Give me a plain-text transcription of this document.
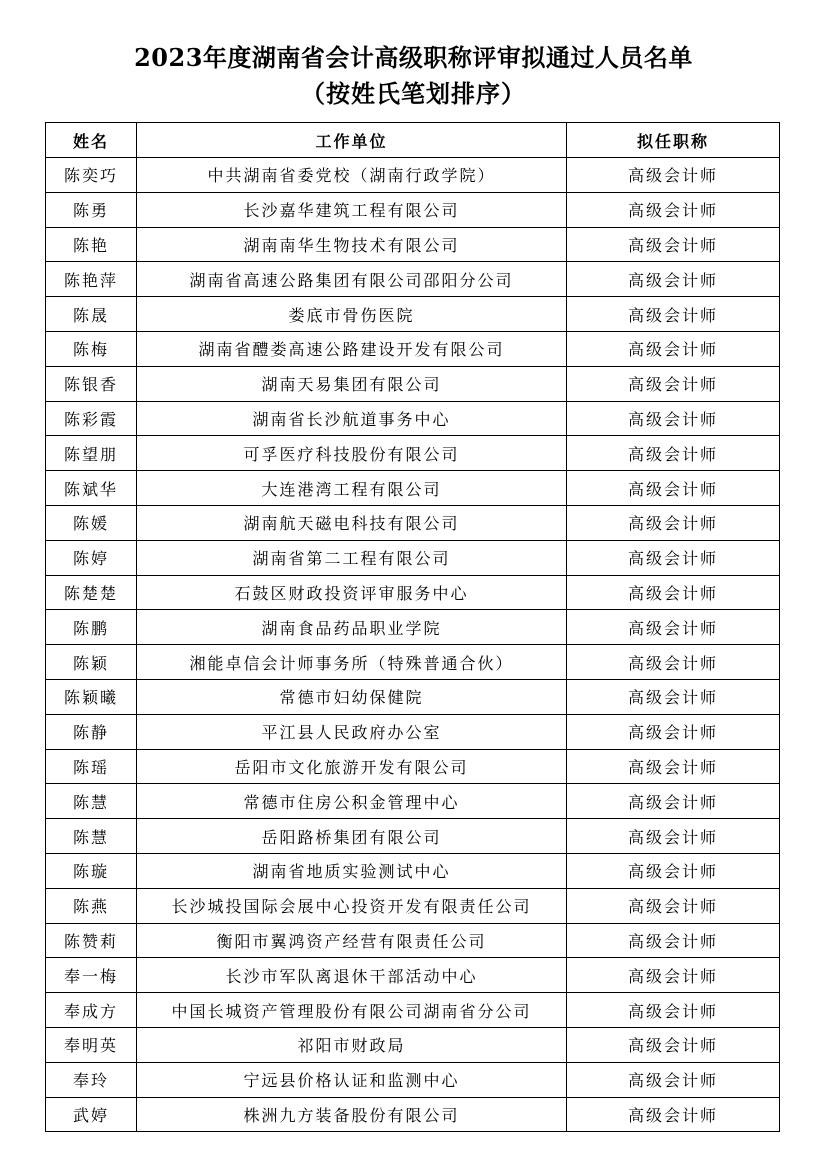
2023年度湖南省会计高级职称评审拟通过人员名单
（按姓氏笔划排序）
姓名	工作单位	拟任职称
陈奕巧	中共湖南省委党校（湖南行政学院）	高级会计师
陈勇	长沙嘉华建筑工程有限公司	高级会计师
陈艳	湖南南华生物技术有限公司	高级会计师
陈艳萍	湖南省高速公路集团有限公司邵阳分公司	高级会计师
陈晟	娄底市骨伤医院	高级会计师
陈梅	湖南省醴娄高速公路建设开发有限公司	高级会计师
陈银香	湖南天易集团有限公司	高级会计师
陈彩霞	湖南省长沙航道事务中心	高级会计师
陈望朋	可孚医疗科技股份有限公司	高级会计师
陈斌华	大连港湾工程有限公司	高级会计师
陈媛	湖南航天磁电科技有限公司	高级会计师
陈婷	湖南省第二工程有限公司	高级会计师
陈楚楚	石鼓区财政投资评审服务中心	高级会计师
陈鹏	湖南食品药品职业学院	高级会计师
陈颖	湘能卓信会计师事务所（特殊普通合伙）	高级会计师
陈颖曦	常德市妇幼保健院	高级会计师
陈静	平江县人民政府办公室	高级会计师
陈瑶	岳阳市文化旅游开发有限公司	高级会计师
陈慧	常德市住房公积金管理中心	高级会计师
陈慧	岳阳路桥集团有限公司	高级会计师
陈璇	湖南省地质实验测试中心	高级会计师
陈燕	长沙城投国际会展中心投资开发有限责任公司	高级会计师
陈赞莉	衡阳市翼鸿资产经营有限责任公司	高级会计师
奉一梅	长沙市军队离退休干部活动中心	高级会计师
奉成方	中国长城资产管理股份有限公司湖南省分公司	高级会计师
奉明英	祁阳市财政局	高级会计师
奉玲	宁远县价格认证和监测中心	高级会计师
武婷	株洲九方装备股份有限公司	高级会计师
